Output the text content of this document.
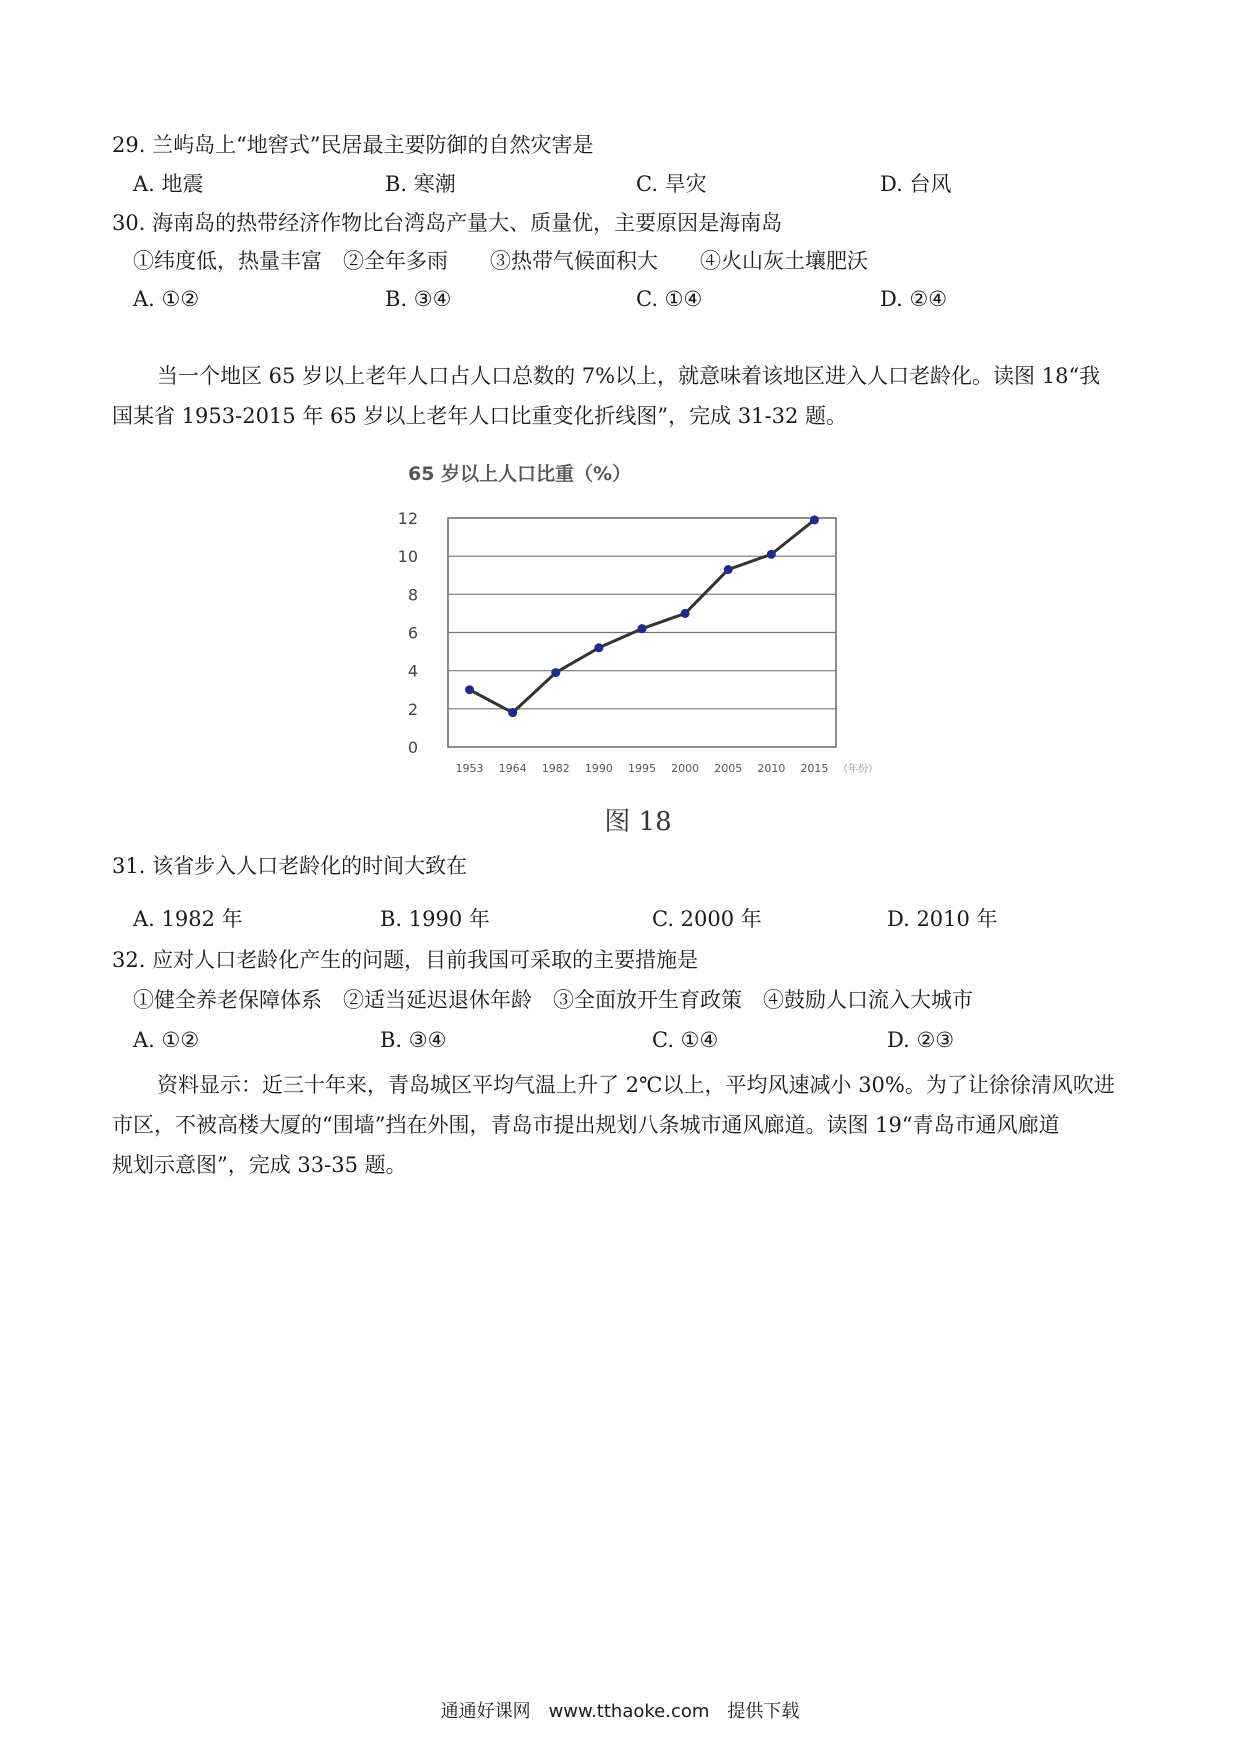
29. 兰屿岛上“地窖式”民居最主要防御的自然灾害是
A. 地震	B. 寒潮	C. 旱灾	D. 台风
30. 海南岛的热带经济作物比台湾岛产量大、质量优，主要原因是海南岛
①纬度低，热量丰富　②全年多雨　　③热带气候面积大　　④火山灰土壤肥沃
A. ①②	B. ③④	C. ①④	D. ②④
当一个地区 65 岁以上老年人口占人口总数的 7%以上，就意味着该地区进入人口老龄化。读图 18“我
国某省 1953-2015 年 65 岁以上老年人口比重变化折线图”，完成 31-32 题。
65 岁以上人口比重（%）
0
2
4
6
8
10
12
1953 1964 1982 1990 1995 2000 2005 2010 2015 （年份）
图 18
31. 该省步入人口老龄化的时间大致在
A. 1982 年	B. 1990 年	C. 2000 年	D. 2010 年
32. 应对人口老龄化产生的问题，目前我国可采取的主要措施是
①健全养老保障体系　②适当延迟退休年龄　③全面放开生育政策　④鼓励人口流入大城市
A. ①②	B. ③④	C. ①④	D. ②③
资料显示：近三十年来，青岛城区平均气温上升了 2℃以上，平均风速减小 30%。为了让徐徐清风吹进
市区，不被高楼大厦的“围墙”挡在外围，青岛市提出规划八条城市通风廊道。读图 19“青岛市通风廊道
规划示意图”，完成 33-35 题。
通通好课网　www.tthaoke.com　提供下载
